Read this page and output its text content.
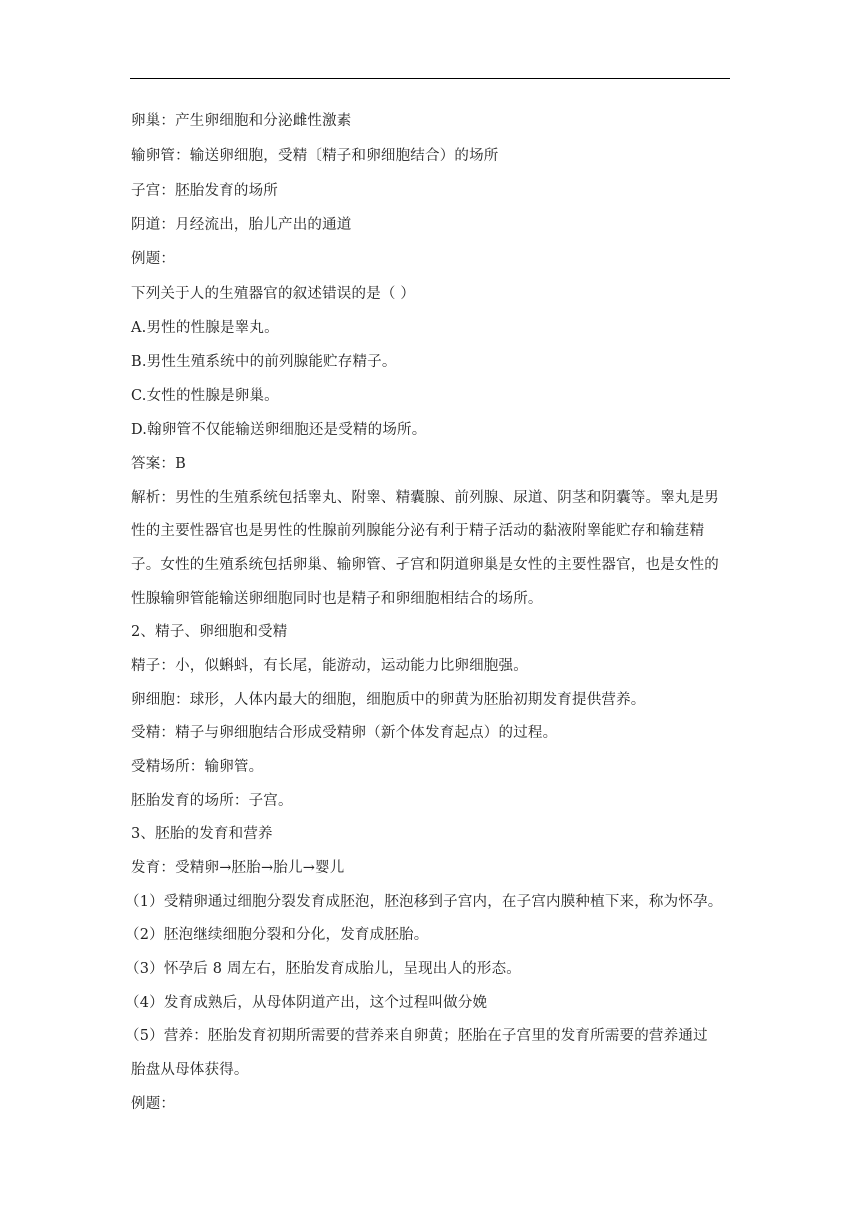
卵巢：产生卵细胞和分泌雌性激素
输卵管：输送卵细胞，受精〔精子和卵细胞结合）的场所
子宫：胚胎发育的场所
阴道：月经流出，胎儿产出的通道
例题：
下列关于人的生殖器官的叙述错误的是（ ）
A.男性的性腺是睾丸。
B.男性生殖系统中的前列腺能贮存精子。
C.女性的性腺是卵巢。
D.翰卵管不仅能输送卵细胞还是受精的场所。
答案：B
解析：男性的生殖系统包括睾丸、附睾、精囊腺、前列腺、尿道、阴茎和阴囊等。睾丸是男
性的主要性器官也是男性的性腺前列腺能分泌有利于精子活动的黏液附睾能贮存和输莛精
子。女性的生殖系统包括卵巢、输卵管、孑宫和阴道卵巢是女性的主要性器官，也是女性的
性腺输卵管能输送卵细胞同时也是精子和卵细胞相结合的场所。
2、精子、卵细胞和受精
精子：小，似蝌蚪，有长尾，能游动，运动能力比卵细胞强。
卵细胞：球形，人体内最大的细胞，细胞质中的卵黄为胚胎初期发育提供营养。
受精：精子与卵细胞结合形成受精卵（新个体发育起点）的过程。
受精场所：输卵管。
胚胎发育的场所：子宫。
3、胚胎的发育和营养
发育：受精卵→胚胎→胎儿→婴儿
（1）受精卵通过细胞分裂发育成胚泡，胚泡移到子宫内，在子宫内膜种植下来，称为怀孕。
（2）胚泡继续细胞分裂和分化，发育成胚胎。
（3）怀孕后 8 周左右，胚胎发育成胎儿，呈现出人的形态。
（4）发育成熟后，从母体阴道产出，这个过程叫做分娩
（5）营养：胚胎发育初期所需要的营养来自卵黄；胚胎在子宫里的发育所需要的营养通过
胎盘从母体获得。
例题：
